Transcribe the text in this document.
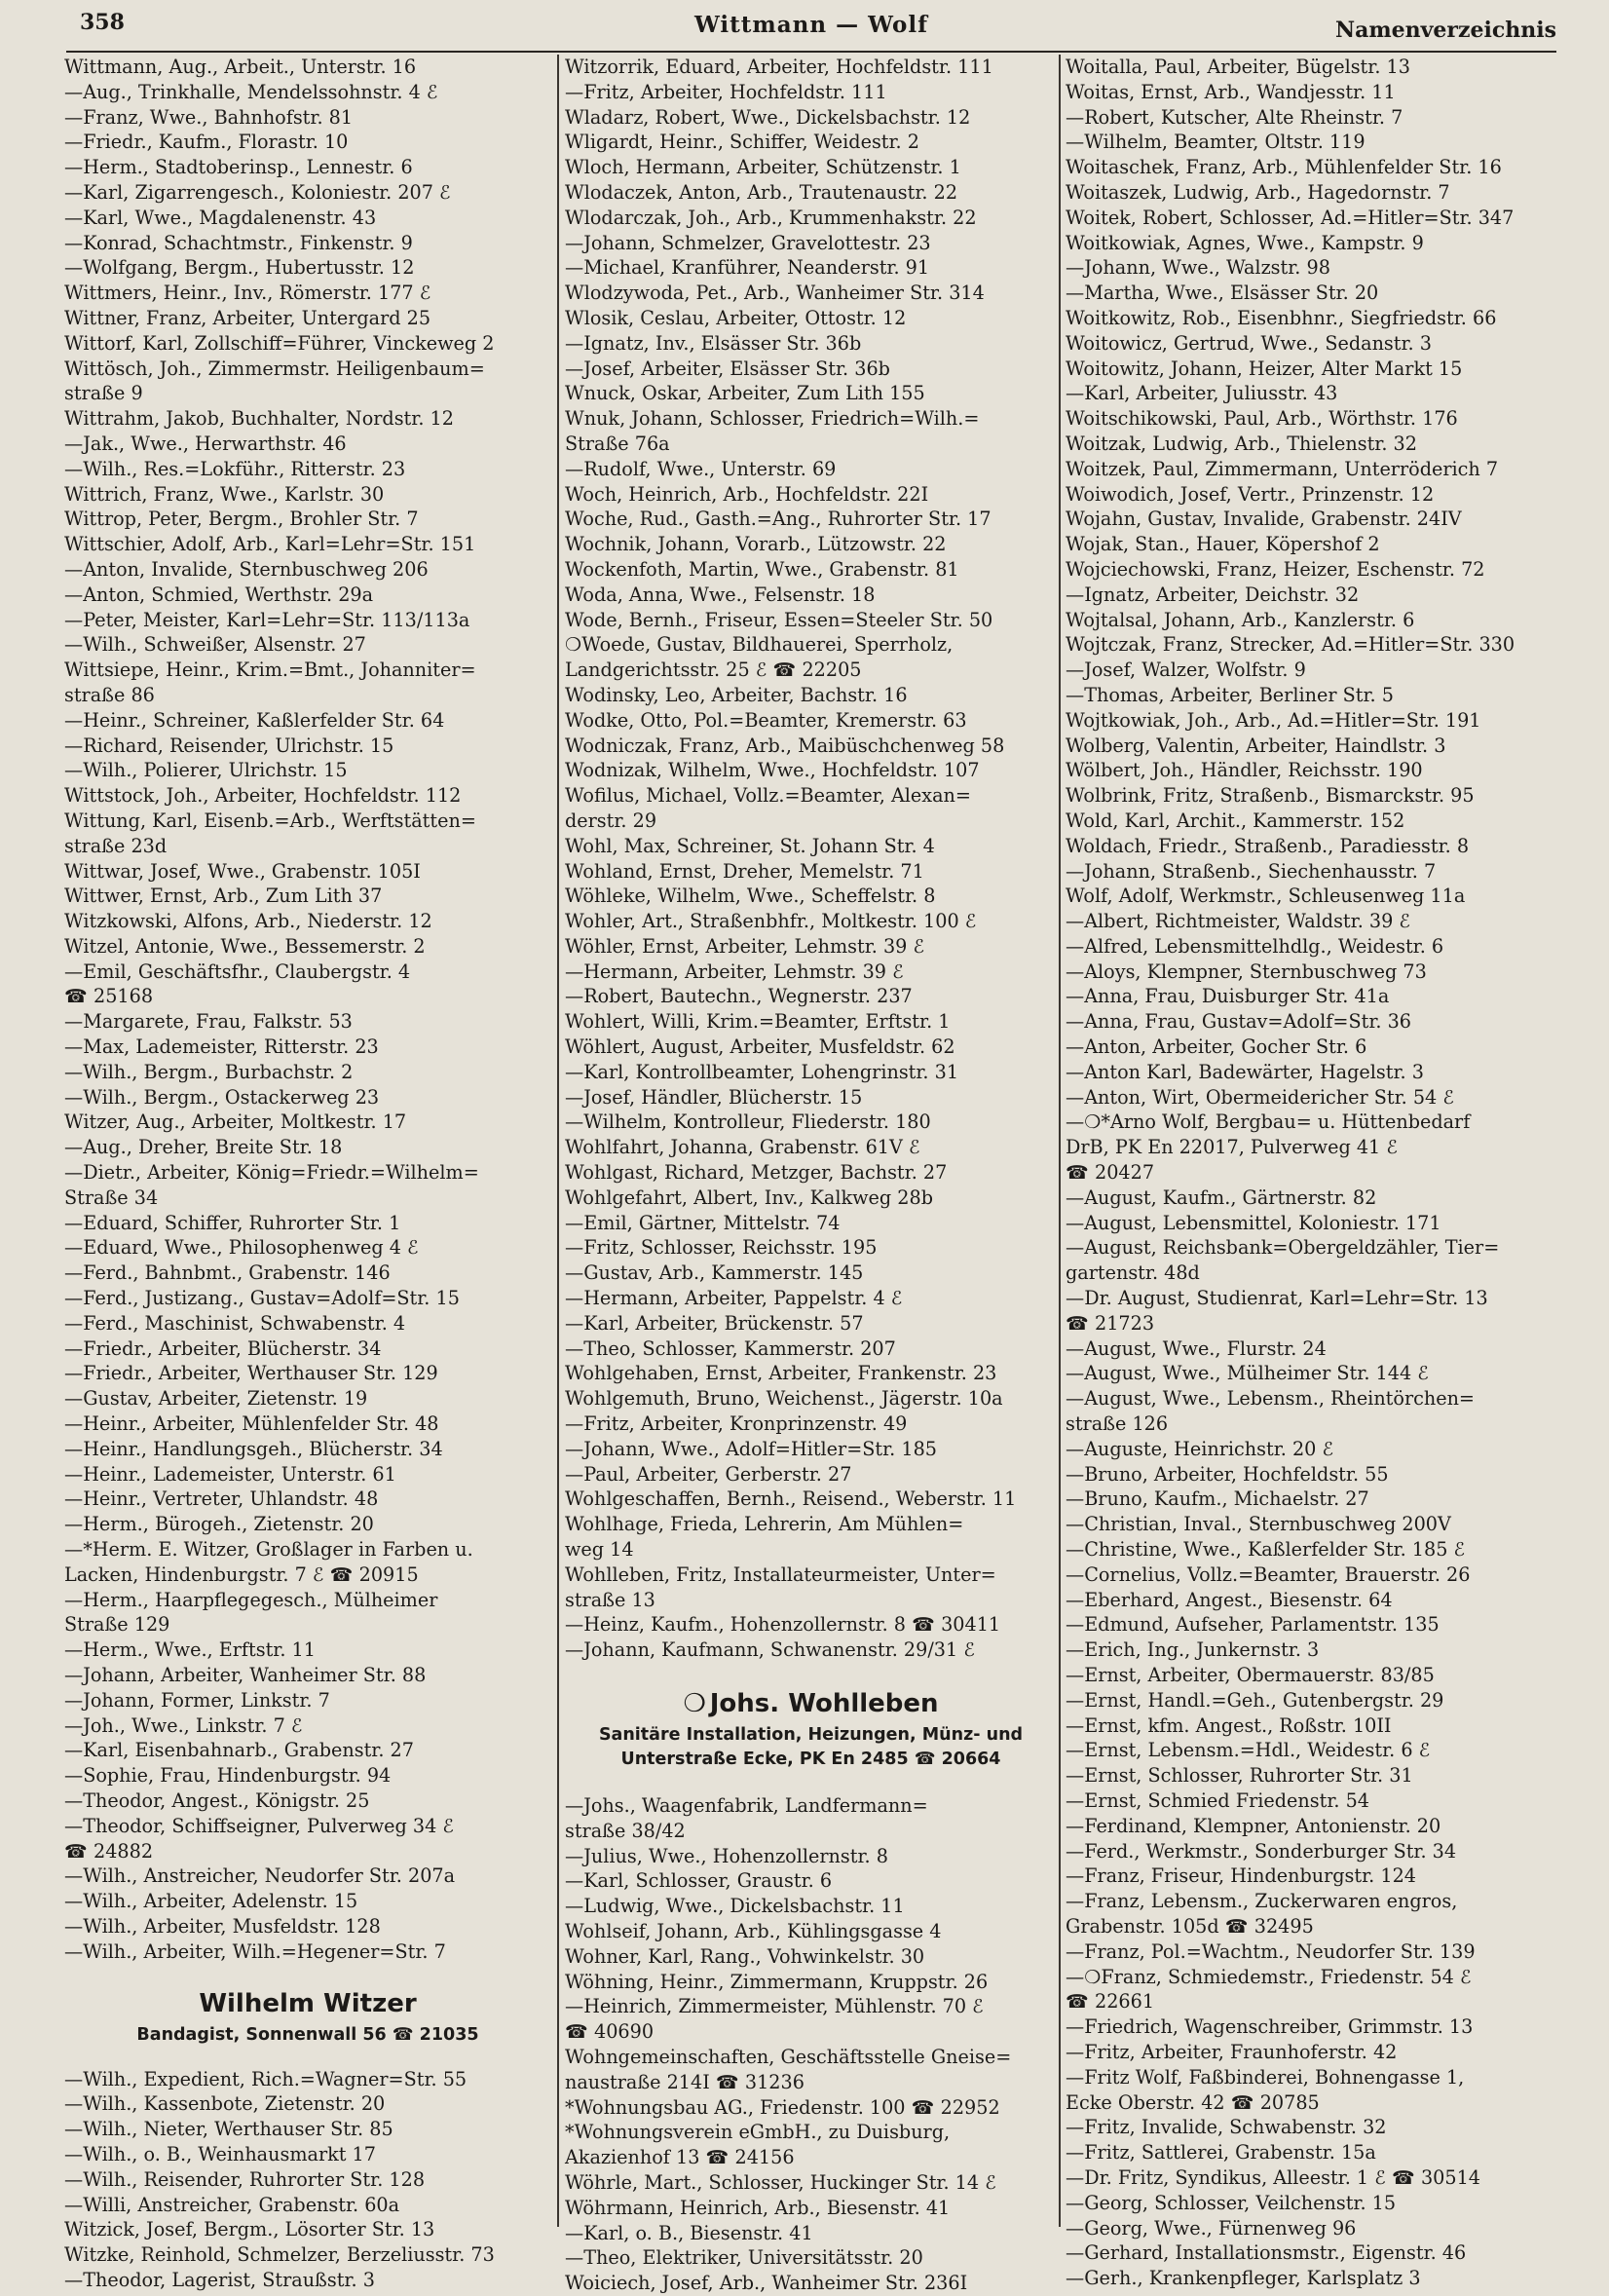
358	Wittmann — Wolf	Namenverzeichnis
Wittmann, Aug., Arbeit., Unterstr. 16
—Aug., Trinkhalle, Mendelssohnstr. 4 ℰ
—Franz, Wwe., Bahnhofstr. 81
—Friedr., Kaufm., Florastr. 10
—Herm., Stadtoberinsp., Lennestr. 6
—Karl, Zigarrengesch., Koloniestr. 207 ℰ
—Karl, Wwe., Magdalenenstr. 43
—Konrad, Schachtmstr., Finkenstr. 9
—Wolfgang, Bergm., Hubertusstr. 12
Wittmers, Heinr., Inv., Römerstr. 177 ℰ
Wittner, Franz, Arbeiter, Untergard 25
Wittorf, Karl, Zollschiff=Führer, Vinckeweg 2
Wittösch, Joh., Zimmermstr. Heiligenbaum=
straße 9
Wittrahm, Jakob, Buchhalter, Nordstr. 12
—Jak., Wwe., Herwarthstr. 46
—Wilh., Res.=Lokführ., Ritterstr. 23
Wittrich, Franz, Wwe., Karlstr. 30
Wittrop, Peter, Bergm., Brohler Str. 7
Wittschier, Adolf, Arb., Karl=Lehr=Str. 151
—Anton, Invalide, Sternbuschweg 206
—Anton, Schmied, Werthstr. 29a
—Peter, Meister, Karl=Lehr=Str. 113/113a
—Wilh., Schweißer, Alsenstr. 27
Wittsiepe, Heinr., Krim.=Bmt., Johanniter=
straße 86
—Heinr., Schreiner, Kaßlerfelder Str. 64
—Richard, Reisender, Ulrichstr. 15
—Wilh., Polierer, Ulrichstr. 15
Wittstock, Joh., Arbeiter, Hochfeldstr. 112
Wittung, Karl, Eisenb.=Arb., Werftstätten=
straße 23d
Wittwar, Josef, Wwe., Grabenstr. 105I
Wittwer, Ernst, Arb., Zum Lith 37
Witzkowski, Alfons, Arb., Niederstr. 12
Witzel, Antonie, Wwe., Bessemerstr. 2
—Emil, Geschäftsfhr., Claubergstr. 4
☎ 25168
—Margarete, Frau, Falkstr. 53
—Max, Lademeister, Ritterstr. 23
—Wilh., Bergm., Burbachstr. 2
—Wilh., Bergm., Ostackerweg 23
Witzer, Aug., Arbeiter, Moltkestr. 17
—Aug., Dreher, Breite Str. 18
—Dietr., Arbeiter, König=Friedr.=Wilhelm=
Straße 34
—Eduard, Schiffer, Ruhrorter Str. 1
—Eduard, Wwe., Philosophenweg 4 ℰ
—Ferd., Bahnbmt., Grabenstr. 146
—Ferd., Justizang., Gustav=Adolf=Str. 15
—Ferd., Maschinist, Schwabenstr. 4
—Friedr., Arbeiter, Blücherstr. 34
—Friedr., Arbeiter, Werthauser Str. 129
—Gustav, Arbeiter, Zietenstr. 19
—Heinr., Arbeiter, Mühlenfelder Str. 48
—Heinr., Handlungsgeh., Blücherstr. 34
—Heinr., Lademeister, Unterstr. 61
—Heinr., Vertreter, Uhlandstr. 48
—Herm., Bürogeh., Zietenstr. 20
—*Herm. E. Witzer, Großlager in Farben u.
Lacken, Hindenburgstr. 7 ℰ ☎ 20915
—Herm., Haarpflegegesch., Mülheimer
Straße 129
—Herm., Wwe., Erftstr. 11
—Johann, Arbeiter, Wanheimer Str. 88
—Johann, Former, Linkstr. 7
—Joh., Wwe., Linkstr. 7 ℰ
—Karl, Eisenbahnarb., Grabenstr. 27
—Sophie, Frau, Hindenburgstr. 94
—Theodor, Angest., Königstr. 25
—Theodor, Schiffseigner, Pulverweg 34 ℰ
☎ 24882
—Wilh., Anstreicher, Neudorfer Str. 207a
—Wilh., Arbeiter, Adelenstr. 15
—Wilh., Arbeiter, Musfeldstr. 128
—Wilh., Arbeiter, Wilh.=Hegener=Str. 7
Wilhelm Witzer
Bandagist, Sonnenwall 56 ☎ 21035
—Wilh., Expedient, Rich.=Wagner=Str. 55
—Wilh., Kassenbote, Zietenstr. 20
—Wilh., Nieter, Werthauser Str. 85
—Wilh., o. B., Weinhausmarkt 17
—Wilh., Reisender, Ruhrorter Str. 128
—Willi, Anstreicher, Grabenstr. 60a
Witzick, Josef, Bergm., Lösorter Str. 13
Witzke, Reinhold, Schmelzer, Berzeliusstr. 73
—Theodor, Lagerist, Straußstr. 3
Witzorrik, Eduard, Arbeiter, Hochfeldstr. 111
—Fritz, Arbeiter, Hochfeldstr. 111
Wladarz, Robert, Wwe., Dickelsbachstr. 12
Wligardt, Heinr., Schiffer, Weidestr. 2
Wloch, Hermann, Arbeiter, Schützenstr. 1
Wlodaczek, Anton, Arb., Trautenaustr. 22
Wlodarczak, Joh., Arb., Krummenhakstr. 22
—Johann, Schmelzer, Gravelottestr. 23
—Michael, Kranführer, Neanderstr. 91
Wlodzywoda, Pet., Arb., Wanheimer Str. 314
Wlosik, Ceslau, Arbeiter, Ottostr. 12
—Ignatz, Inv., Elsässer Str. 36b
—Josef, Arbeiter, Elsässer Str. 36b
Wnuck, Oskar, Arbeiter, Zum Lith 155
Wnuk, Johann, Schlosser, Friedrich=Wilh.=
Straße 76a
—Rudolf, Wwe., Unterstr. 69
Woch, Heinrich, Arb., Hochfeldstr. 22I
Woche, Rud., Gasth.=Ang., Ruhrorter Str. 17
Wochnik, Johann, Vorarb., Lützowstr. 22
Wockenfoth, Martin, Wwe., Grabenstr. 81
Woda, Anna, Wwe., Felsenstr. 18
Wode, Bernh., Friseur, Essen=Steeler Str. 50
❍Woede, Gustav, Bildhauerei, Sperrholz,
Landgerichtsstr. 25 ℰ ☎ 22205
Wodinsky, Leo, Arbeiter, Bachstr. 16
Wodke, Otto, Pol.=Beamter, Kremerstr. 63
Wodniczak, Franz, Arb., Maibüschchenweg 58
Wodnizak, Wilhelm, Wwe., Hochfeldstr. 107
Wofilus, Michael, Vollz.=Beamter, Alexan=
derstr. 29
Wohl, Max, Schreiner, St. Johann Str. 4
Wohland, Ernst, Dreher, Memelstr. 71
Wöhleke, Wilhelm, Wwe., Scheffelstr. 8
Wohler, Art., Straßenbhfr., Moltkestr. 100 ℰ
Wöhler, Ernst, Arbeiter, Lehmstr. 39 ℰ
—Hermann, Arbeiter, Lehmstr. 39 ℰ
—Robert, Bautechn., Wegnerstr. 237
Wohlert, Willi, Krim.=Beamter, Erftstr. 1
Wöhlert, August, Arbeiter, Musfeldstr. 62
—Karl, Kontrollbeamter, Lohengrinstr. 31
—Josef, Händler, Blücherstr. 15
—Wilhelm, Kontrolleur, Fliederstr. 180
Wohlfahrt, Johanna, Grabenstr. 61V ℰ
Wohlgast, Richard, Metzger, Bachstr. 27
Wohlgefahrt, Albert, Inv., Kalkweg 28b
—Emil, Gärtner, Mittelstr. 74
—Fritz, Schlosser, Reichsstr. 195
—Gustav, Arb., Kammerstr. 145
—Hermann, Arbeiter, Pappelstr. 4 ℰ
—Karl, Arbeiter, Brückenstr. 57
—Theo, Schlosser, Kammerstr. 207
Wohlgehaben, Ernst, Arbeiter, Frankenstr. 23
Wohlgemuth, Bruno, Weichenst., Jägerstr. 10a
—Fritz, Arbeiter, Kronprinzenstr. 49
—Johann, Wwe., Adolf=Hitler=Str. 185
—Paul, Arbeiter, Gerberstr. 27
Wohlgeschaffen, Bernh., Reisend., Weberstr. 11
Wohlhage, Frieda, Lehrerin, Am Mühlen=
weg 14
Wohlleben, Fritz, Installateurmeister, Unter=
straße 13
—Heinz, Kaufm., Hohenzollernstr. 8 ☎ 30411
—Johann, Kaufmann, Schwanenstr. 29/31 ℰ
❍ Johs. Wohlleben
Sanitäre Installation, Heizungen, Münz- und
Unterstraße Ecke, PK En 2485 ☎ 20664
—Johs., Waagenfabrik, Landfermann=
straße 38/42
—Julius, Wwe., Hohenzollernstr. 8
—Karl, Schlosser, Graustr. 6
—Ludwig, Wwe., Dickelsbachstr. 11
Wohlseif, Johann, Arb., Kühlingsgasse 4
Wohner, Karl, Rang., Vohwinkelstr. 30
Wöhning, Heinr., Zimmermann, Kruppstr. 26
—Heinrich, Zimmermeister, Mühlenstr. 70 ℰ
☎ 40690
Wohngemeinschaften, Geschäftsstelle Gneise=
naustraße 214I ☎ 31236
*Wohnungsbau AG., Friedenstr. 100 ☎ 22952
*Wohnungsverein eGmbH., zu Duisburg,
Akazienhof 13 ☎ 24156
Wöhrle, Mart., Schlosser, Huckinger Str. 14 ℰ
Wöhrmann, Heinrich, Arb., Biesenstr. 41
—Karl, o. B., Biesenstr. 41
—Theo, Elektriker, Universitätsstr. 20
Woicieсh, Josef, Arb., Wanheimer Str. 236I
Woitalla, Paul, Arbeiter, Bügelstr. 13
Woitas, Ernst, Arb., Wandjesstr. 11
—Robert, Kutscher, Alte Rheinstr. 7
—Wilhelm, Beamter, Oltstr. 119
Woitaschek, Franz, Arb., Mühlenfelder Str. 16
Woitaszek, Ludwig, Arb., Hagedornstr. 7
Woitek, Robert, Schlosser, Ad.=Hitler=Str. 347
Woitkowiak, Agnes, Wwe., Kampstr. 9
—Johann, Wwe., Walzstr. 98
—Martha, Wwe., Elsässer Str. 20
Woitkowitz, Rob., Eisenbhnr., Siegfriedstr. 66
Woitowicz, Gertrud, Wwe., Sedanstr. 3
Woitowitz, Johann, Heizer, Alter Markt 15
—Karl, Arbeiter, Juliusstr. 43
Woitschikowski, Paul, Arb., Wörthstr. 176
Woitzak, Ludwig, Arb., Thielenstr. 32
Woitzek, Paul, Zimmermann, Unterröderich 7
Woiwodich, Josef, Vertr., Prinzenstr. 12
Wojahn, Gustav, Invalide, Grabenstr. 24IV
Wojak, Stan., Hauer, Köpershof 2
Wojciechowski, Franz, Heizer, Eschenstr. 72
—Ignatz, Arbeiter, Deichstr. 32
Wojtalsal, Johann, Arb., Kanzlerstr. 6
Wojtczak, Franz, Strecker, Ad.=Hitler=Str. 330
—Josef, Walzer, Wolfstr. 9
—Thomas, Arbeiter, Berliner Str. 5
Wojtkowiak, Joh., Arb., Ad.=Hitler=Str. 191
Wolberg, Valentin, Arbeiter, Haindlstr. 3
Wölbert, Joh., Händler, Reichsstr. 190
Wolbrink, Fritz, Straßenb., Bismarckstr. 95
Wold, Karl, Archit., Kammerstr. 152
Woldach, Friedr., Straßenb., Paradiesstr. 8
—Johann, Straßenb., Siechenhausstr. 7
Wolf, Adolf, Werkmstr., Schleusenweg 11a
—Albert, Richtmeister, Waldstr. 39 ℰ
—Alfred, Lebensmittelhdlg., Weidestr. 6
—Aloys, Klempner, Sternbuschweg 73
—Anna, Frau, Duisburger Str. 41a
—Anna, Frau, Gustav=Adolf=Str. 36
—Anton, Arbeiter, Gocher Str. 6
—Anton Karl, Badewärter, Hagelstr. 3
—Anton, Wirt, Obermeidericher Str. 54 ℰ
—❍*Arno Wolf, Bergbau= u. Hüttenbedarf
DrB, PK En 22017, Pulverweg 41 ℰ
☎ 20427
—August, Kaufm., Gärtnerstr. 82
—August, Lebensmittel, Koloniestr. 171
—August, Reichsbank=Obergeldzähler, Tier=
gartenstr. 48d
—Dr. August, Studienrat, Karl=Lehr=Str. 13
☎ 21723
—August, Wwe., Flurstr. 24
—August, Wwe., Mülheimer Str. 144 ℰ
—August, Wwe., Lebensm., Rheintörchen=
straße 126
—Auguste, Heinrichstr. 20 ℰ
—Bruno, Arbeiter, Hochfeldstr. 55
—Bruno, Kaufm., Michaelstr. 27
—Christian, Inval., Sternbuschweg 200V
—Christine, Wwe., Kaßlerfelder Str. 185 ℰ
—Cornelius, Vollz.=Beamter, Brauerstr. 26
—Eberhard, Angest., Biesenstr. 64
—Edmund, Aufseher, Parlamentstr. 135
—Erich, Ing., Junkernstr. 3
—Ernst, Arbeiter, Obermauerstr. 83/85
—Ernst, Handl.=Geh., Gutenbergstr. 29
—Ernst, kfm. Angest., Roßstr. 10II
—Ernst, Lebensm.=Hdl., Weidestr. 6 ℰ
—Ernst, Schlosser, Ruhrorter Str. 31
—Ernst, Schmied Friedenstr. 54
—Ferdinand, Klempner, Antonienstr. 20
—Ferd., Werkmstr., Sonderburger Str. 34
—Franz, Friseur, Hindenburgstr. 124
—Franz, Lebensm., Zuckerwaren engros,
Grabenstr. 105d ☎ 32495
—Franz, Pol.=Wachtm., Neudorfer Str. 139
—❍Franz, Schmiedemstr., Friedenstr. 54 ℰ
☎ 22661
—Friedrich, Wagenschreiber, Grimmstr. 13
—Fritz, Arbeiter, Fraunhoferstr. 42
—Fritz Wolf, Faßbinderei, Bohnengasse 1,
Ecke Oberstr. 42 ☎ 20785
—Fritz, Invalide, Schwabenstr. 32
—Fritz, Sattlerei, Grabenstr. 15a
—Dr. Fritz, Syndikus, Alleestr. 1 ℰ ☎ 30514
—Georg, Schlosser, Veilchenstr. 15
—Georg, Wwe., Fürnenweg 96
—Gerhard, Installationsmstr., Eigenstr. 46
—Gerh., Krankenpfleger, Karlsplatz 3
